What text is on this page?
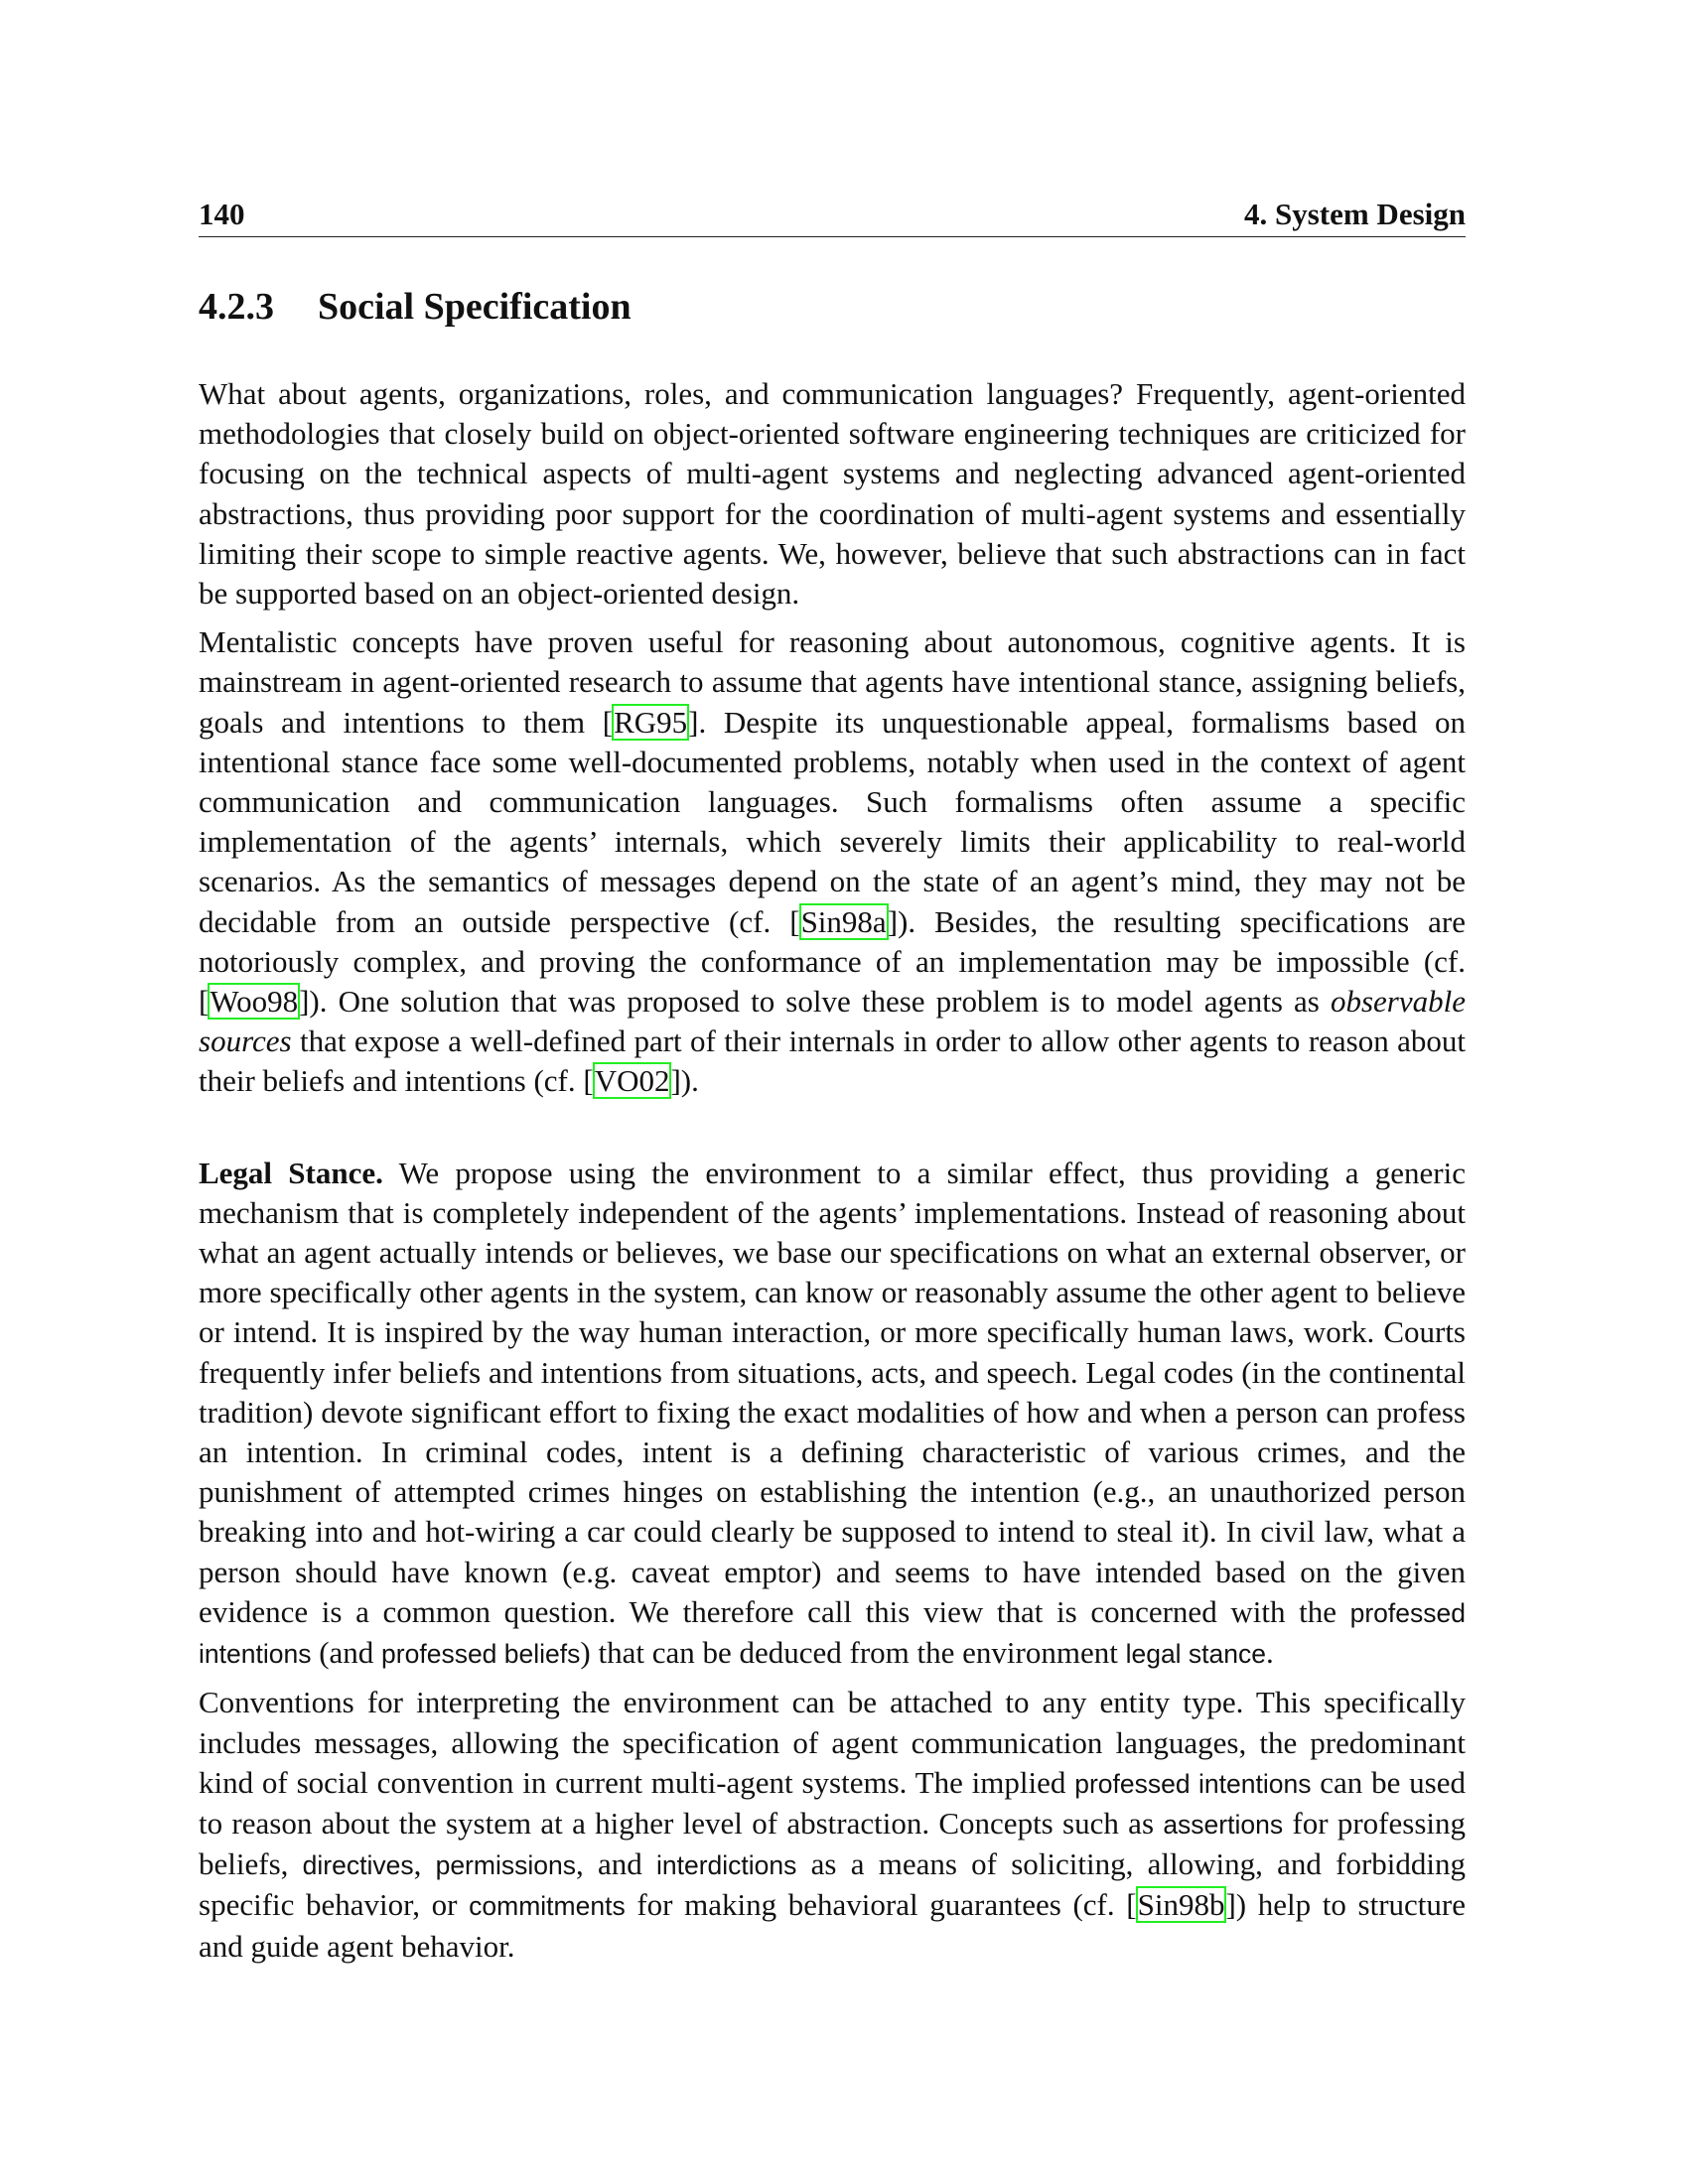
140	4. System Design
4.2.3 Social Specification

What about agents, organizations, roles, and communication languages? Frequently, agent-oriented methodologies that closely build on object-oriented software engineering techniques are criticized for focusing on the technical aspects of multi-agent systems and neglecting advanced agent-oriented abstractions, thus providing poor support for the coordination of multi-agent systems and essentially limiting their scope to simple reactive agents. We, however, believe that such abstractions can in fact be supported based on an object-oriented design.

Mentalistic concepts have proven useful for reasoning about autonomous, cognitive agents. It is mainstream in agent-oriented research to assume that agents have intentional stance, assigning beliefs, goals and intentions to them [RG95]. Despite its unquestionable appeal, formalisms based on intentional stance face some well-documented problems, notably when used in the context of agent communication and communication languages. Such formalisms often assume a specific implementation of the agents’ internals, which severely limits their applicability to real-world scenarios. As the semantics of messages depend on the state of an agent’s mind, they may not be decidable from an outside perspective (cf. [Sin98a]). Besides, the resulting specifications are notoriously complex, and proving the conformance of an implementation may be impossible (cf. [Woo98]). One solution that was proposed to solve these problem is to model agents as observable sources that expose a well-defined part of their internals in order to allow other agents to reason about their beliefs and intentions (cf. [VO02]).

Legal Stance. We propose using the environment to a similar effect, thus providing a generic mechanism that is completely independent of the agents’ implementations. Instead of reasoning about what an agent actually intends or believes, we base our specifications on what an external observer, or more specifically other agents in the system, can know or reasonably assume the other agent to believe or intend. It is inspired by the way human interaction, or more specifically human laws, work. Courts frequently infer beliefs and intentions from situations, acts, and speech. Legal codes (in the continental tradition) devote significant effort to fixing the exact modalities of how and when a person can profess an intention. In criminal codes, intent is a defining characteristic of various crimes, and the punishment of attempted crimes hinges on establishing the intention (e.g., an unauthorized person breaking into and hot-wiring a car could clearly be supposed to intend to steal it). In civil law, what a person should have known (e.g. caveat emptor) and seems to have intended based on the given evidence is a common question. We therefore call this view that is concerned with the professed intentions (and professed beliefs) that can be deduced from the environment legal stance.

Conventions for interpreting the environment can be attached to any entity type. This specifically includes messages, allowing the specification of agent communication languages, the predominant kind of social convention in current multi-agent systems. The implied professed intentions can be used to reason about the system at a higher level of abstraction. Concepts such as assertions for professing beliefs, directives, permissions, and interdictions as a means of soliciting, allowing, and forbidding specific behavior, or commitments for making behavioral guarantees (cf. [Sin98b]) help to structure and guide agent behavior.
